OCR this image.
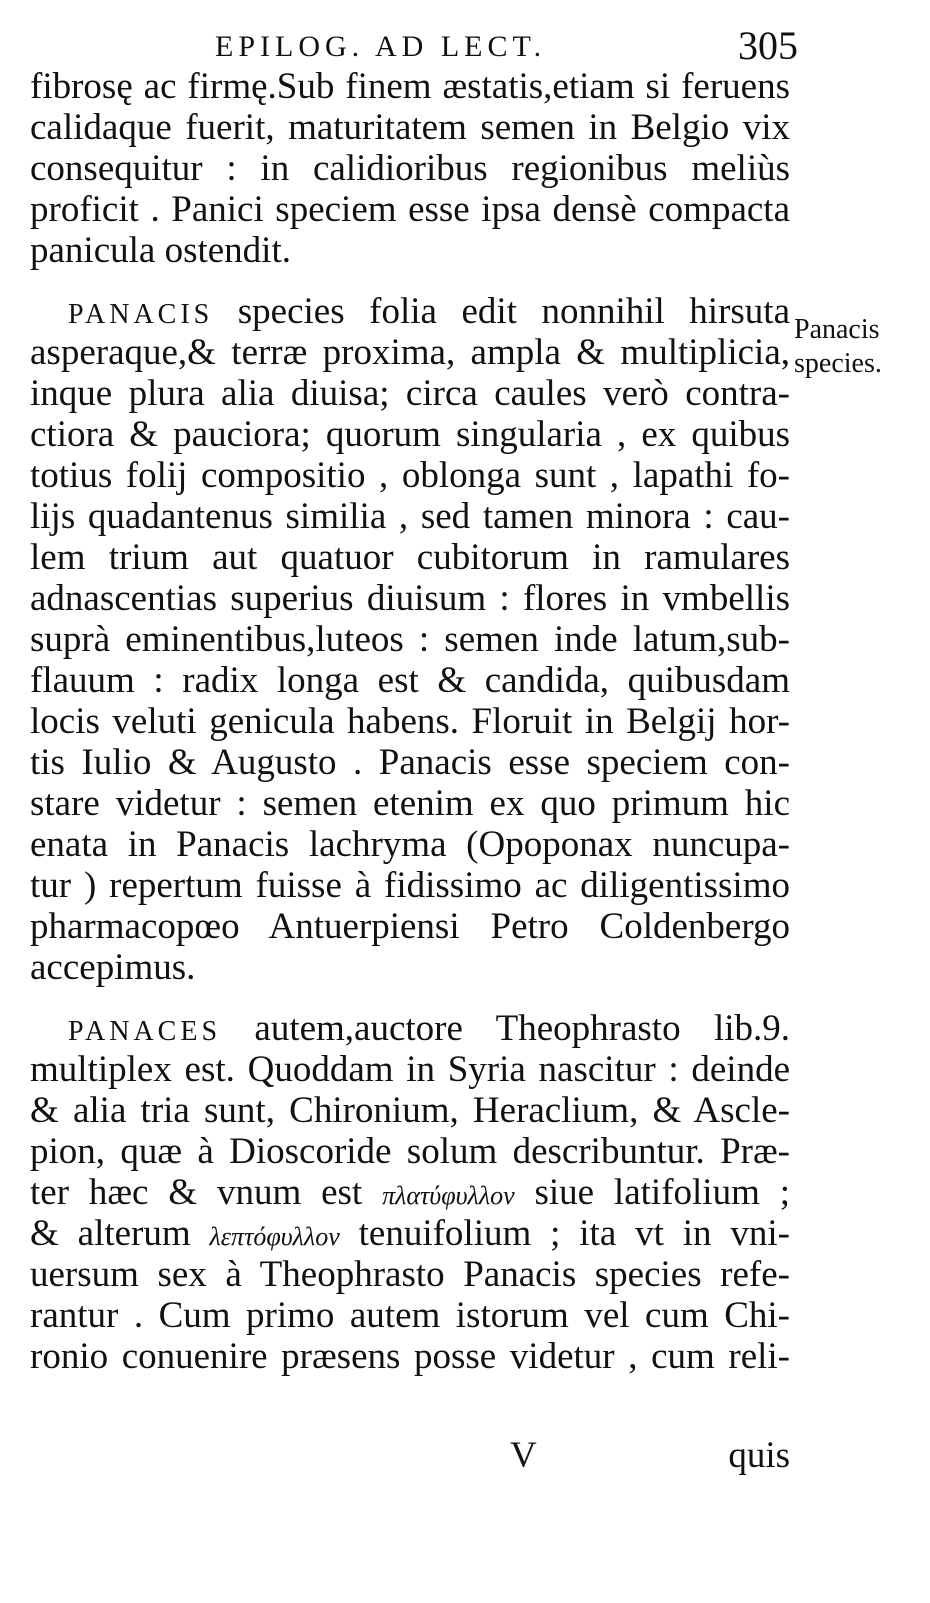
EPILOG. AD LECT.	305
fibrosę ac firmę.Sub finem æstatis,etiam si feruens
calidaque fuerit, maturitatem semen in Belgio vix
consequitur : in calidioribus regionibus meliùs
proficit . Panici speciem esse ipsa densè compacta
panicula ostendit.
PANACIS species folia edit nonnihil hirsuta
asperaque,& terræ proxima, ampla & multiplicia,
inque plura alia diuisa; circa caules verò contra-
ctiora & pauciora; quorum singularia , ex quibus
totius folij compositio , oblonga sunt , lapathi fo-
lijs quadantenus similia , sed tamen minora : cau-
lem trium aut quatuor cubitorum in ramulares
adnascentias superius diuisum : flores in vmbellis
suprà eminentibus,luteos : semen inde latum,sub-
flauum : radix longa est & candida, quibusdam
locis veluti genicula habens. Floruit in Belgij hor-
tis Iulio & Augusto . Panacis esse speciem con-
stare videtur : semen etenim ex quo primum hic
enata in Panacis lachryma (Opoponax nuncupa-
tur ) repertum fuisse à fidissimo ac diligentissimo
pharmacopœo Antuerpiensi Petro Coldenbergo
accepimus.
PANACES autem,auctore Theophrasto lib.9.
multiplex est. Quoddam in Syria nascitur : deinde
& alia tria sunt, Chironium, Heraclium, & Ascle-
pion, quæ à Dioscoride solum describuntur. Præ-
ter hæc & vnum est πλατύφυλλον siue latifolium ;
& alterum λεπτόφυλλον tenuifolium ; ita vt in vni-
uersum sex à Theophrasto Panacis species refe-
rantur . Cum primo autem istorum vel cum Chi-
ronio conuenire præsens posse videtur , cum reli-
Panacis
species.
V	quis
